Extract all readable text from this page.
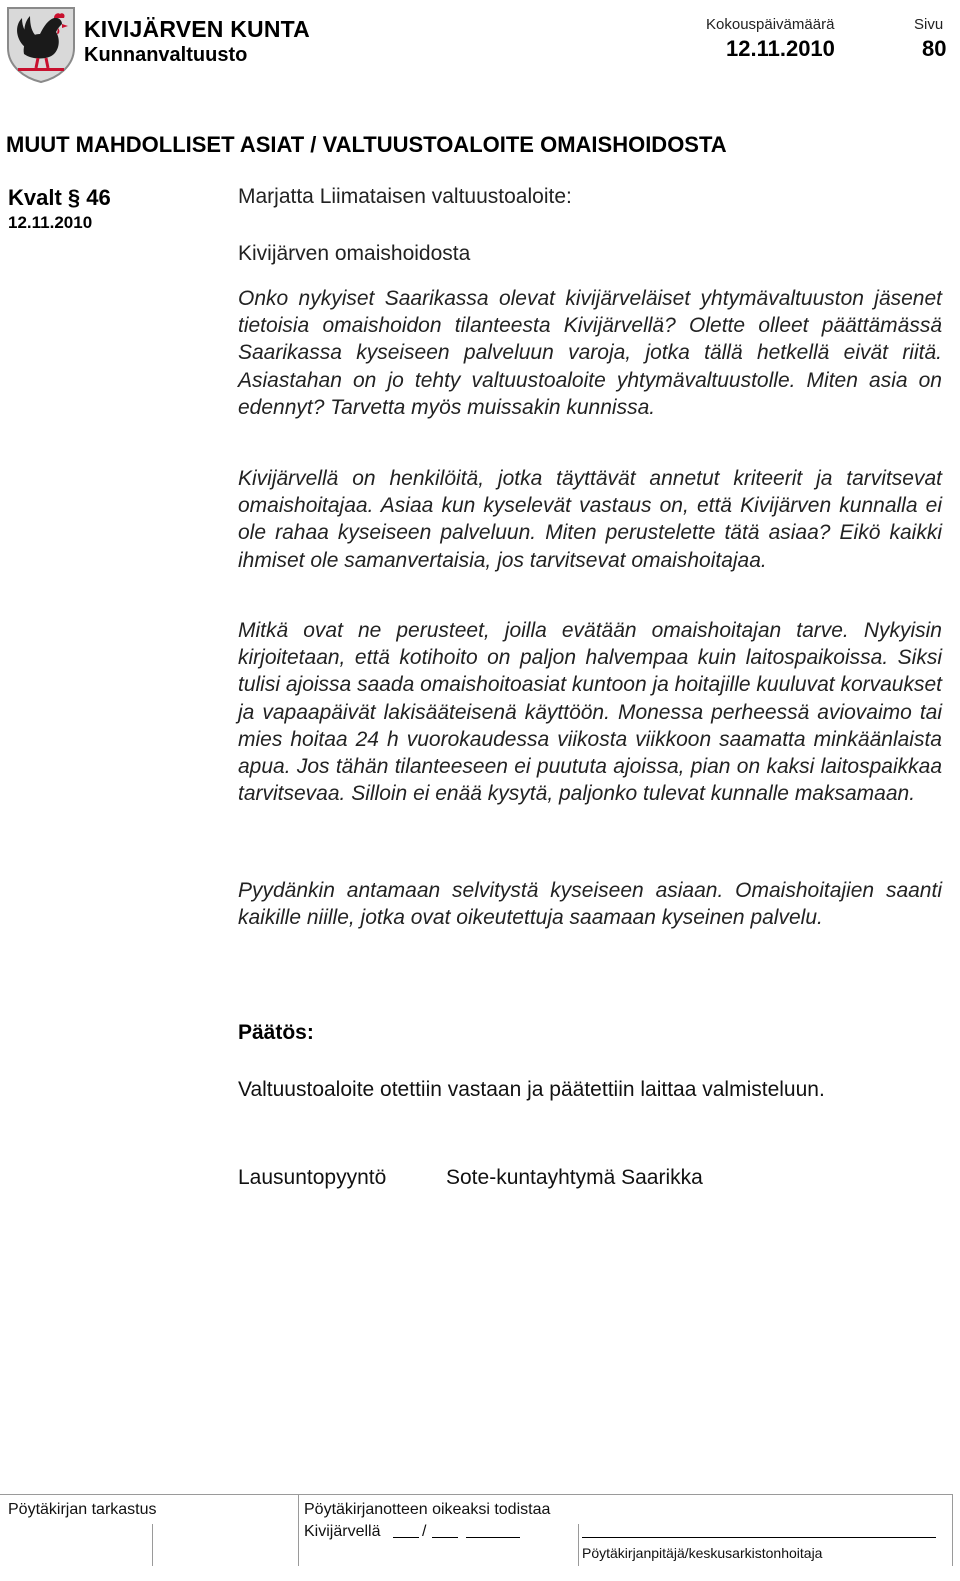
KIVIJÄRVEN KUNTA
Kunnanvaltuusto
Kokouspäivämäärä
12.11.2010
Sivu
80
MUUT MAHDOLLISET ASIAT / VALTUUSTOALOITE OMAISHOIDOSTA
Kvalt § 46
12.11.2010
Marjatta Liimataisen valtuustoaloite:
Kivijärven omaishoidosta
Onko nykyiset Saarikassa olevat kivijärveläiset yhtymävaltuuston jäsenet tietoisia omaishoidon tilanteesta Kivijärvellä? Olette olleet päättämässä Saarikassa kyseiseen palveluun varoja, jotka tällä hetkellä eivät riitä. Asiastahan on jo tehty valtuustoaloite yhtymävaltuustolle. Miten asia on edennyt? Tarvetta myös muissakin kunnissa.
Kivijärvellä on henkilöitä, jotka täyttävät annetut kriteerit ja tarvitsevat omaishoitajaa. Asiaa kun kyselevät vastaus on, että Kivijärven kunnalla ei ole rahaa kyseiseen palveluun. Miten perustelette tätä asiaa? Eikö kaikki ihmiset ole samanvertaisia, jos tarvitsevat omaishoitajaa.
Mitkä ovat ne perusteet, joilla evätään omaishoitajan tarve. Nykyisin kirjoitetaan, että kotihoito on paljon halvempaa kuin laitospaikoissa. Siksi tulisi ajoissa saada omaishoitoasiat kuntoon ja hoitajille kuuluvat korvaukset ja vapaapäivät lakisääteisenä käyttöön. Monessa perheessä aviovaimo tai mies hoitaa 24 h vuorokaudessa viikosta viikkoon saamatta minkäänlaista apua. Jos tähän tilanteeseen ei puututa ajoissa, pian on kaksi laitospaikkaa tarvitsevaa. Silloin ei enää kysytä, paljonko tulevat kunnalle maksamaan.
Pyydänkin antamaan selvitystä kyseiseen asiaan. Omaishoitajien saanti kaikille niille, jotka ovat oikeutettuja saamaan kyseinen palvelu.
Päätös:
Valtuustoaloite otettiin vastaan ja päätettiin laittaa valmisteluun.
Lausuntopyyntö	Sote-kuntayhtymä Saarikka
Pöytäkirjan tarkastus	Pöytäkirjanotteen oikeaksi todistaa
Kivijärvellä	/
Pöytäkirjanpitäjä/keskusarkistonhoitaja
